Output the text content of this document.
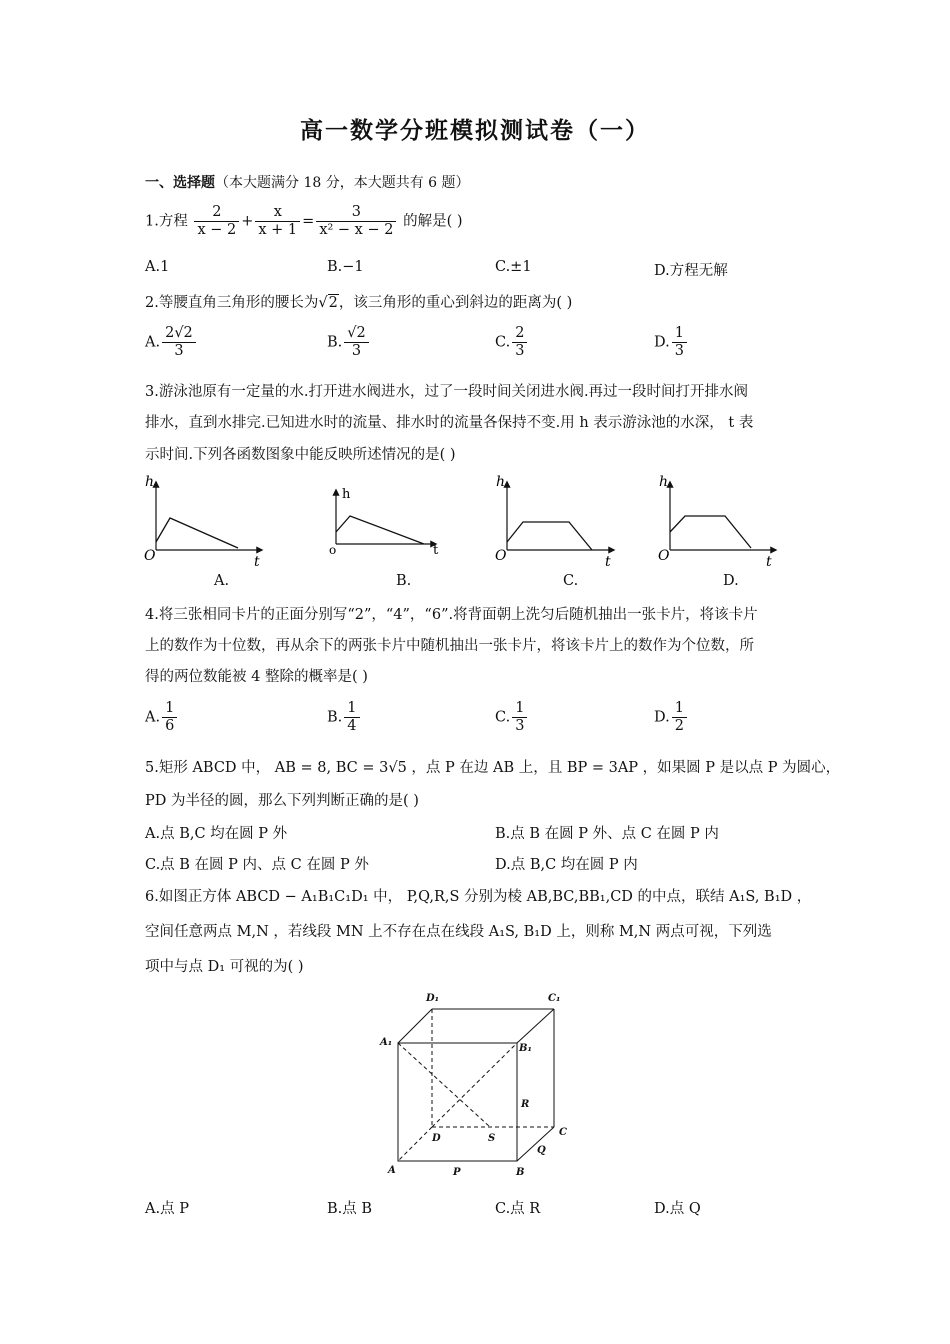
高一数学分班模拟测试卷（一）
一、选择题（本大题满分 18 分，本大题共有 6 题）
1.方程 $\frac{2}{x - 2} + \frac{x}{x + 1} = \frac{3}{\text{x² − x − 2}}$ 的解是( )
A.1	B.−1	C.±1	D.方程无解
2.等腰直角三角形的腰长为√2，该三角形的重心到斜边的距离为( )
A. $\frac{2√2}{3}$	B. $\frac{√2}{3}$	C. $\frac{2}{3}$	D. $\frac{1}{3}$
3.游泳池原有一定量的水.打开进水阀进水，过了一段时间关闭进水阀.再过一段时间打开排水阀
排水，直到水排完.已知进水时的流量、排水时的流量各保持不变.用 h 表示游泳池的水深， t 表
示时间.下列各函数图象中能反映所述情况的是( )
h
O	t
h
o	t
h
O	t
h
O	t
A.	B.	C.	D.
4.将三张相同卡片的正面分别写“2”，“4”，“6”.将背面朝上洗匀后随机抽出一张卡片，将该卡片
上的数作为十位数，再从余下的两张卡片中随机抽出一张卡片，将该卡片上的数作为个位数，所
得的两位数能被 4 整除的概率是( )
A. $\frac{1}{6}$	B. $\frac{1}{4}$	C. $\frac{1}{3}$	D. $\frac{1}{2}$
5.矩形 ABCD 中， AB = 8, BC = 3√5 ，点 P 在边 AB 上，且 BP = 3AP ，如果圆 P 是以点 P 为圆心，
PD 为半径的圆，那么下列判断正确的是( )
A.点 B,C 均在圆 P 外	B.点 B 在圆 P 外、点 C 在圆 P 内
C.点 B 在圆 P 内、点 C 在圆 P 外	D.点 B,C 均在圆 P 内
6.如图正方体 ABCD − A₁B₁C₁D₁ 中， P,Q,R,S 分别为棱 AB,BC,BB₁,CD 的中点，联结 A₁S, B₁D ，
空间任意两点 M,N ，若线段 MN 上不存在点在线段 A₁S, B₁D 上，则称 M,N 两点可视，下列选
项中与点 D₁ 可视的为( )
D₁	C₁
A₁
B₁
R
D	S
C
Q
A	P	B
A.点 P	B.点 B	C.点 R	D.点 Q
